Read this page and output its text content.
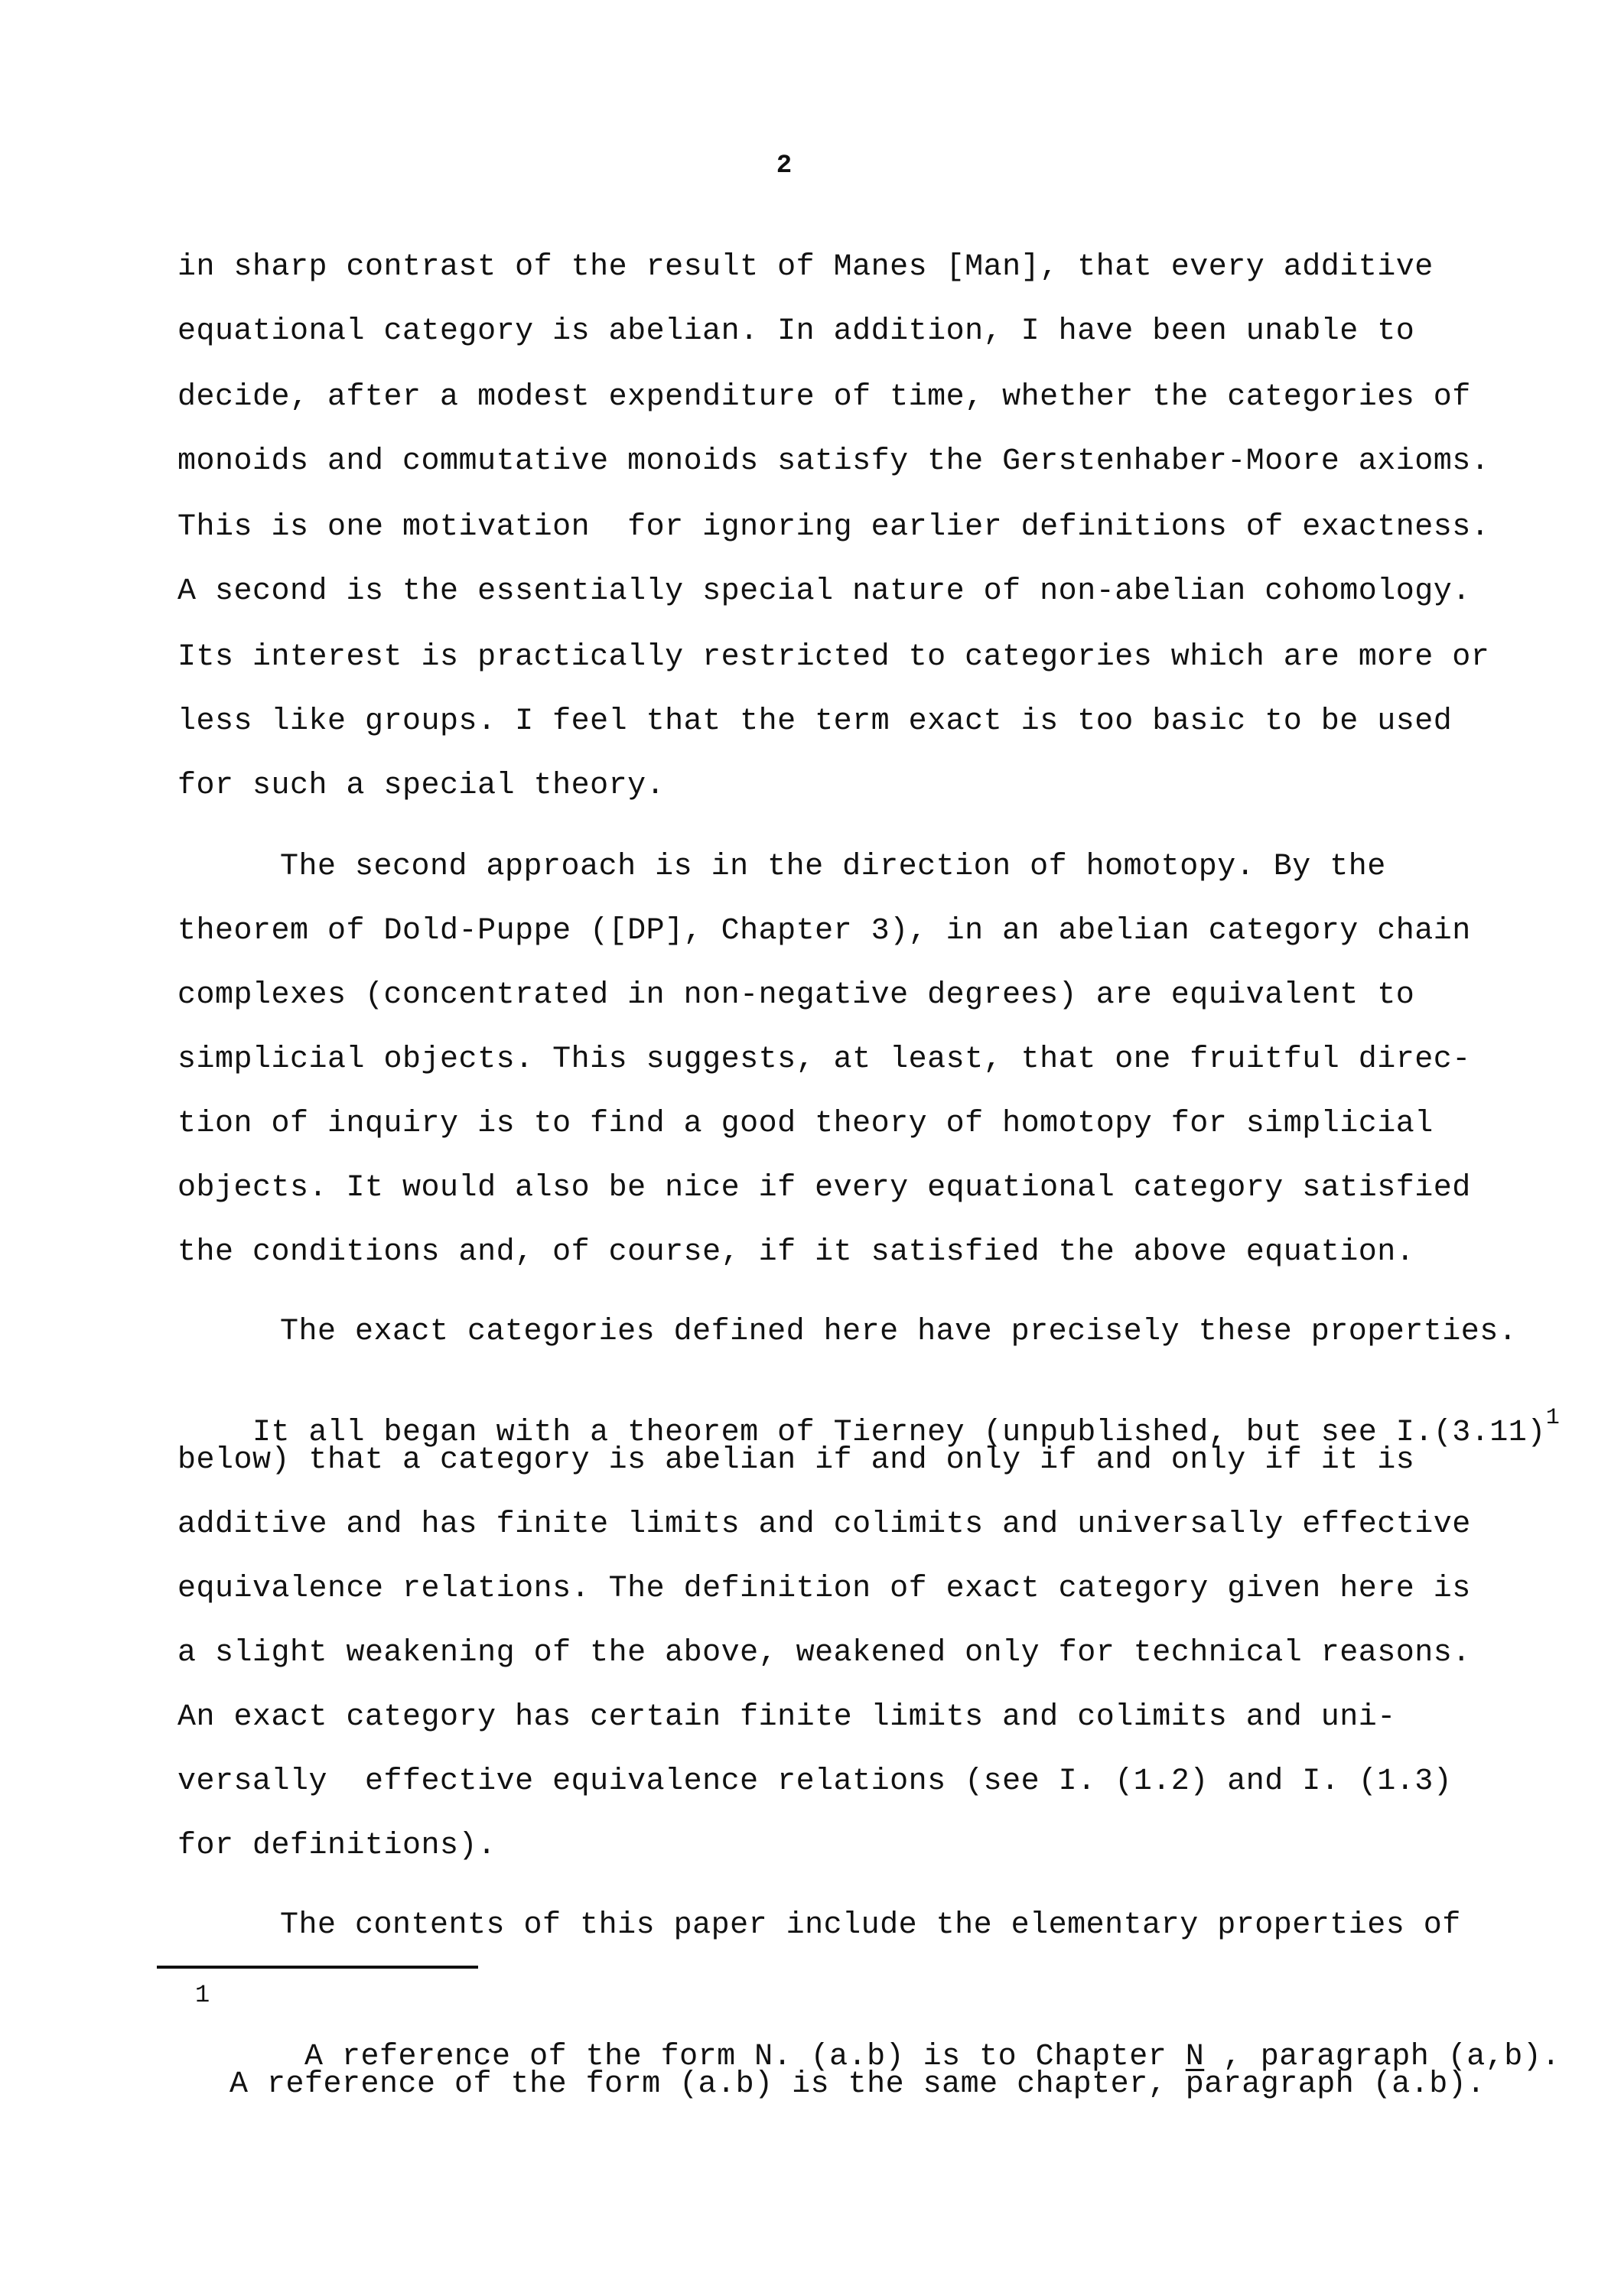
2
in sharp contrast of the result of Manes [Man], that every additive
equational category is abelian. In addition, I have been unable to
decide, after a modest expenditure of time, whether the categories of
monoids and commutative monoids satisfy the Gerstenhaber-Moore axioms.
This is one motivation  for ignoring earlier definitions of exactness.
A second is the essentially special nature of non-abelian cohomology.
Its interest is practically restricted to categories which are more or
less like groups. I feel that the term exact is too basic to be used
for such a special theory.
The second approach is in the direction of homotopy. By the
theorem of Dold-Puppe ([DP], Chapter 3), in an abelian category chain
complexes (concentrated in non-negative degrees) are equivalent to
simplicial objects. This suggests, at least, that one fruitful direc-
tion of inquiry is to find a good theory of homotopy for simplicial
objects. It would also be nice if every equational category satisfied
the conditions and, of course, if it satisfied the above equation.
The exact categories defined here have precisely these properties.

It all began with a theorem of Tierney (unpublished, but see $I.(3.11)^1$

below) that a category is abelian if and only if and only if it is
additive and has finite limits and colimits and universally effective
equivalence relations. The definition of exact category given here is
a slight weakening of the above, weakened only for technical reasons.
An exact category has certain finite limits and colimits and uni-
versally  effective equivalence relations (see I. (1.2) and I. (1.3)
for definitions).
The contents of this paper include the elementary properties of
1

A reference of the form N. (a.b) is to Chapter N , paragraph (a,b).

A reference of the form (a.b) is the same chapter, paragraph (a.b).
